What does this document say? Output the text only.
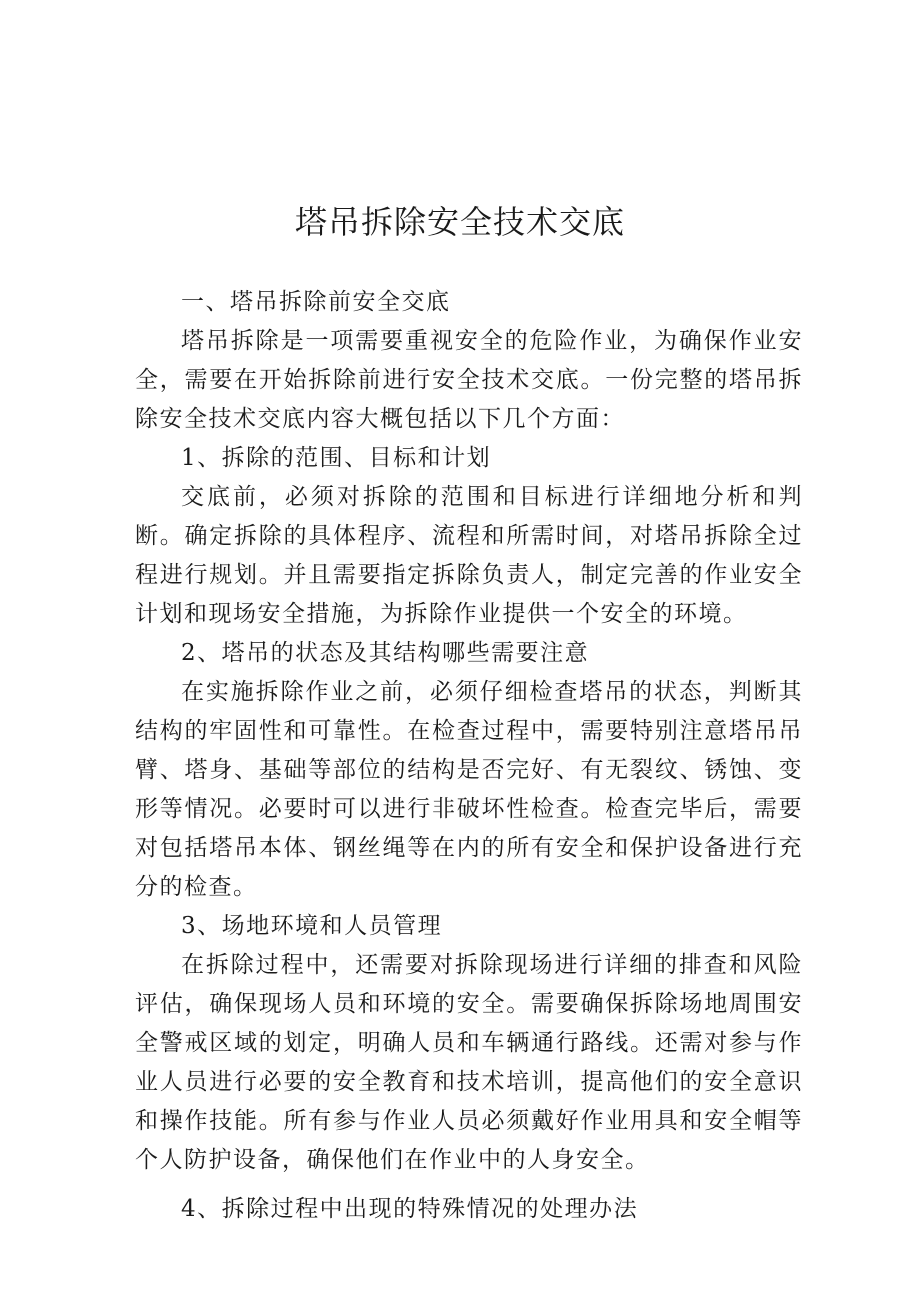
塔吊拆除安全技术交底

一、塔吊拆除前安全交底

塔吊拆除是一项需要重视安全的危险作业，为确保作业安全，需要在开始拆除前进行安全技术交底。一份完整的塔吊拆除安全技术交底内容大概包括以下几个方面：

1、拆除的范围、目标和计划

交底前，必须对拆除的范围和目标进行详细地分析和判断。确定拆除的具体程序、流程和所需时间，对塔吊拆除全过程进行规划。并且需要指定拆除负责人，制定完善的作业安全计划和现场安全措施，为拆除作业提供一个安全的环境。

2、塔吊的状态及其结构哪些需要注意

在实施拆除作业之前，必须仔细检查塔吊的状态，判断其结构的牢固性和可靠性。在检查过程中，需要特别注意塔吊吊臂、塔身、基础等部位的结构是否完好、有无裂纹、锈蚀、变形等情况。必要时可以进行非破坏性检查。检查完毕后，需要对包括塔吊本体、钢丝绳等在内的所有安全和保护设备进行充分的检查。

3、场地环境和人员管理

在拆除过程中，还需要对拆除现场进行详细的排查和风险评估，确保现场人员和环境的安全。需要确保拆除场地周围安全警戒区域的划定，明确人员和车辆通行路线。还需对参与作业人员进行必要的安全教育和技术培训，提高他们的安全意识和操作技能。所有参与作业人员必须戴好作业用具和安全帽等个人防护设备，确保他们在作业中的人身安全。

4、拆除过程中出现的特殊情况的处理办法
